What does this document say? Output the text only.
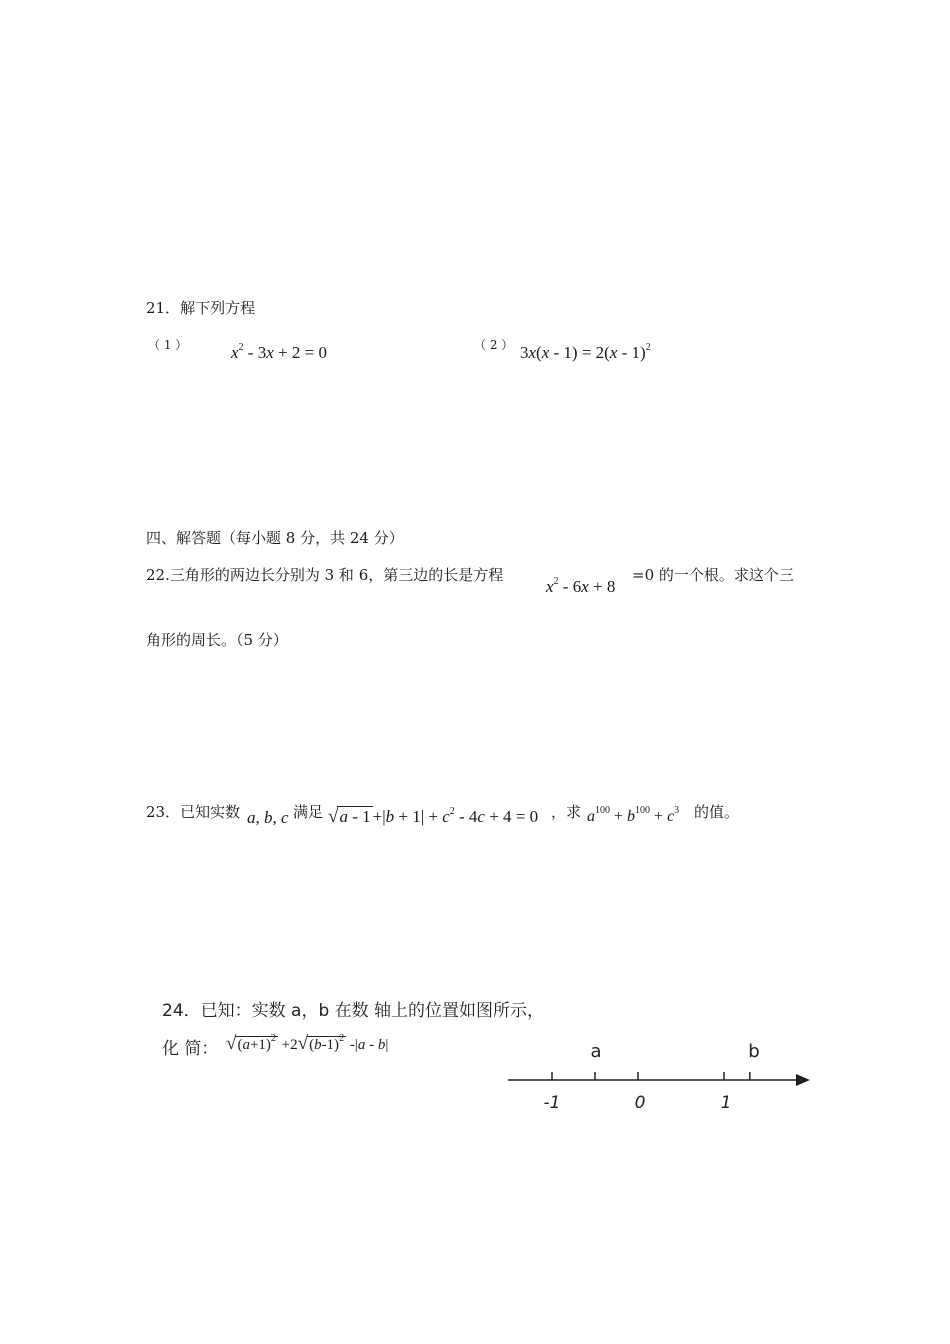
21．解下列方程
（ 1 ）	$x^2 - 3x + 2 = 0$	（ 2 ） 3x(x - 1) = 2(x - 1)$^2$
四、解答题（每小题 8 分，共 24 分）
22.三角形的两边长分别为 3 和 6，第三边的长是方程
$x^2 - 6x + 8$
=0 的一个根。求这个三
角形的周长。（5 分）
23．已知实数 a, b, c 满足 $√a - 1 +|b + 1| + c^2 - 4c + 4 = 0$ ，求 $a^{100} + b^{100} + c^3$ 的值。
24．已知：实数 a，b 在数 轴上的位置如图所示，
化 简： $√(a+1)^2 +2√(b-1)^2$ -|a - b|
-1	0	1
a	b
